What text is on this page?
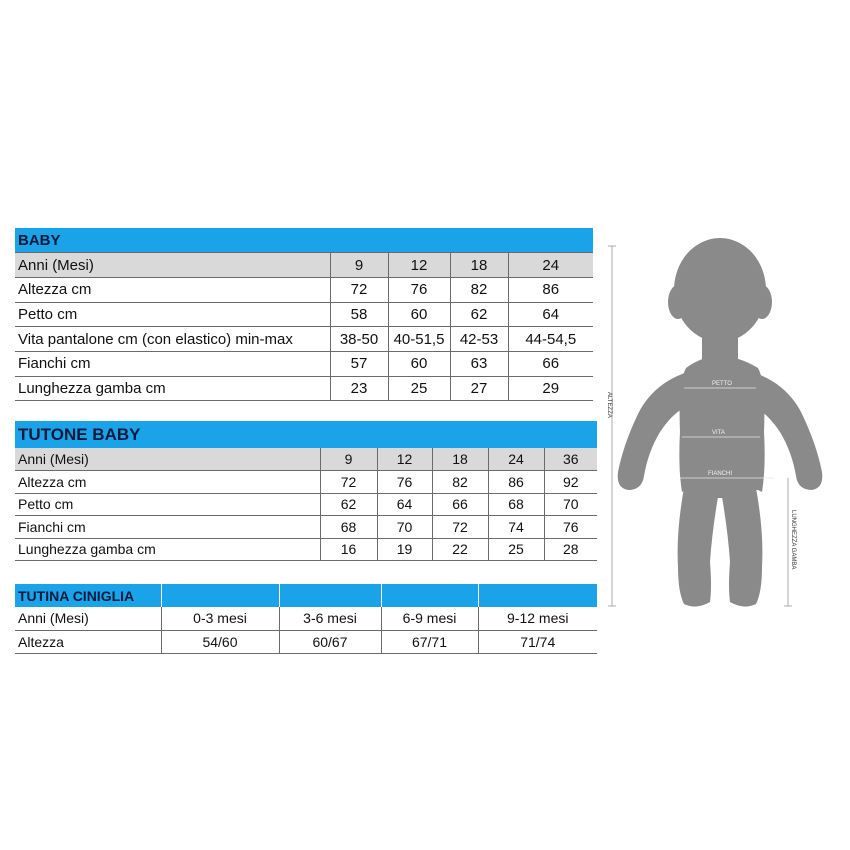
BABY				
Anni (Mesi)	9	12	18	24
Altezza cm	72	76	82	86
Petto cm	58	60	62	64
Vita pantalone cm (con elastico) min-max	38-50	40-51,5	42-53	44-54,5
Fianchi cm	57	60	63	66
Lunghezza gamba cm	23	25	27	29
TUTONE BABY					
Anni (Mesi)	9	12	18	24	36
Altezza cm	72	76	82	86	92
Petto cm	62	64	66	68	70
Fianchi cm	68	70	72	74	76
Lunghezza gamba cm	16	19	22	25	28
TUTINA CINIGLIA				
Anni (Mesi)	0-3 mesi	3-6 mesi	6-9 mesi	9-12 mesi
Altezza	54/60	60/67	67/71	71/74
PETTO
VITA
FIANCHI
ALTEZZA
LUNGHEZZA GAMBA
